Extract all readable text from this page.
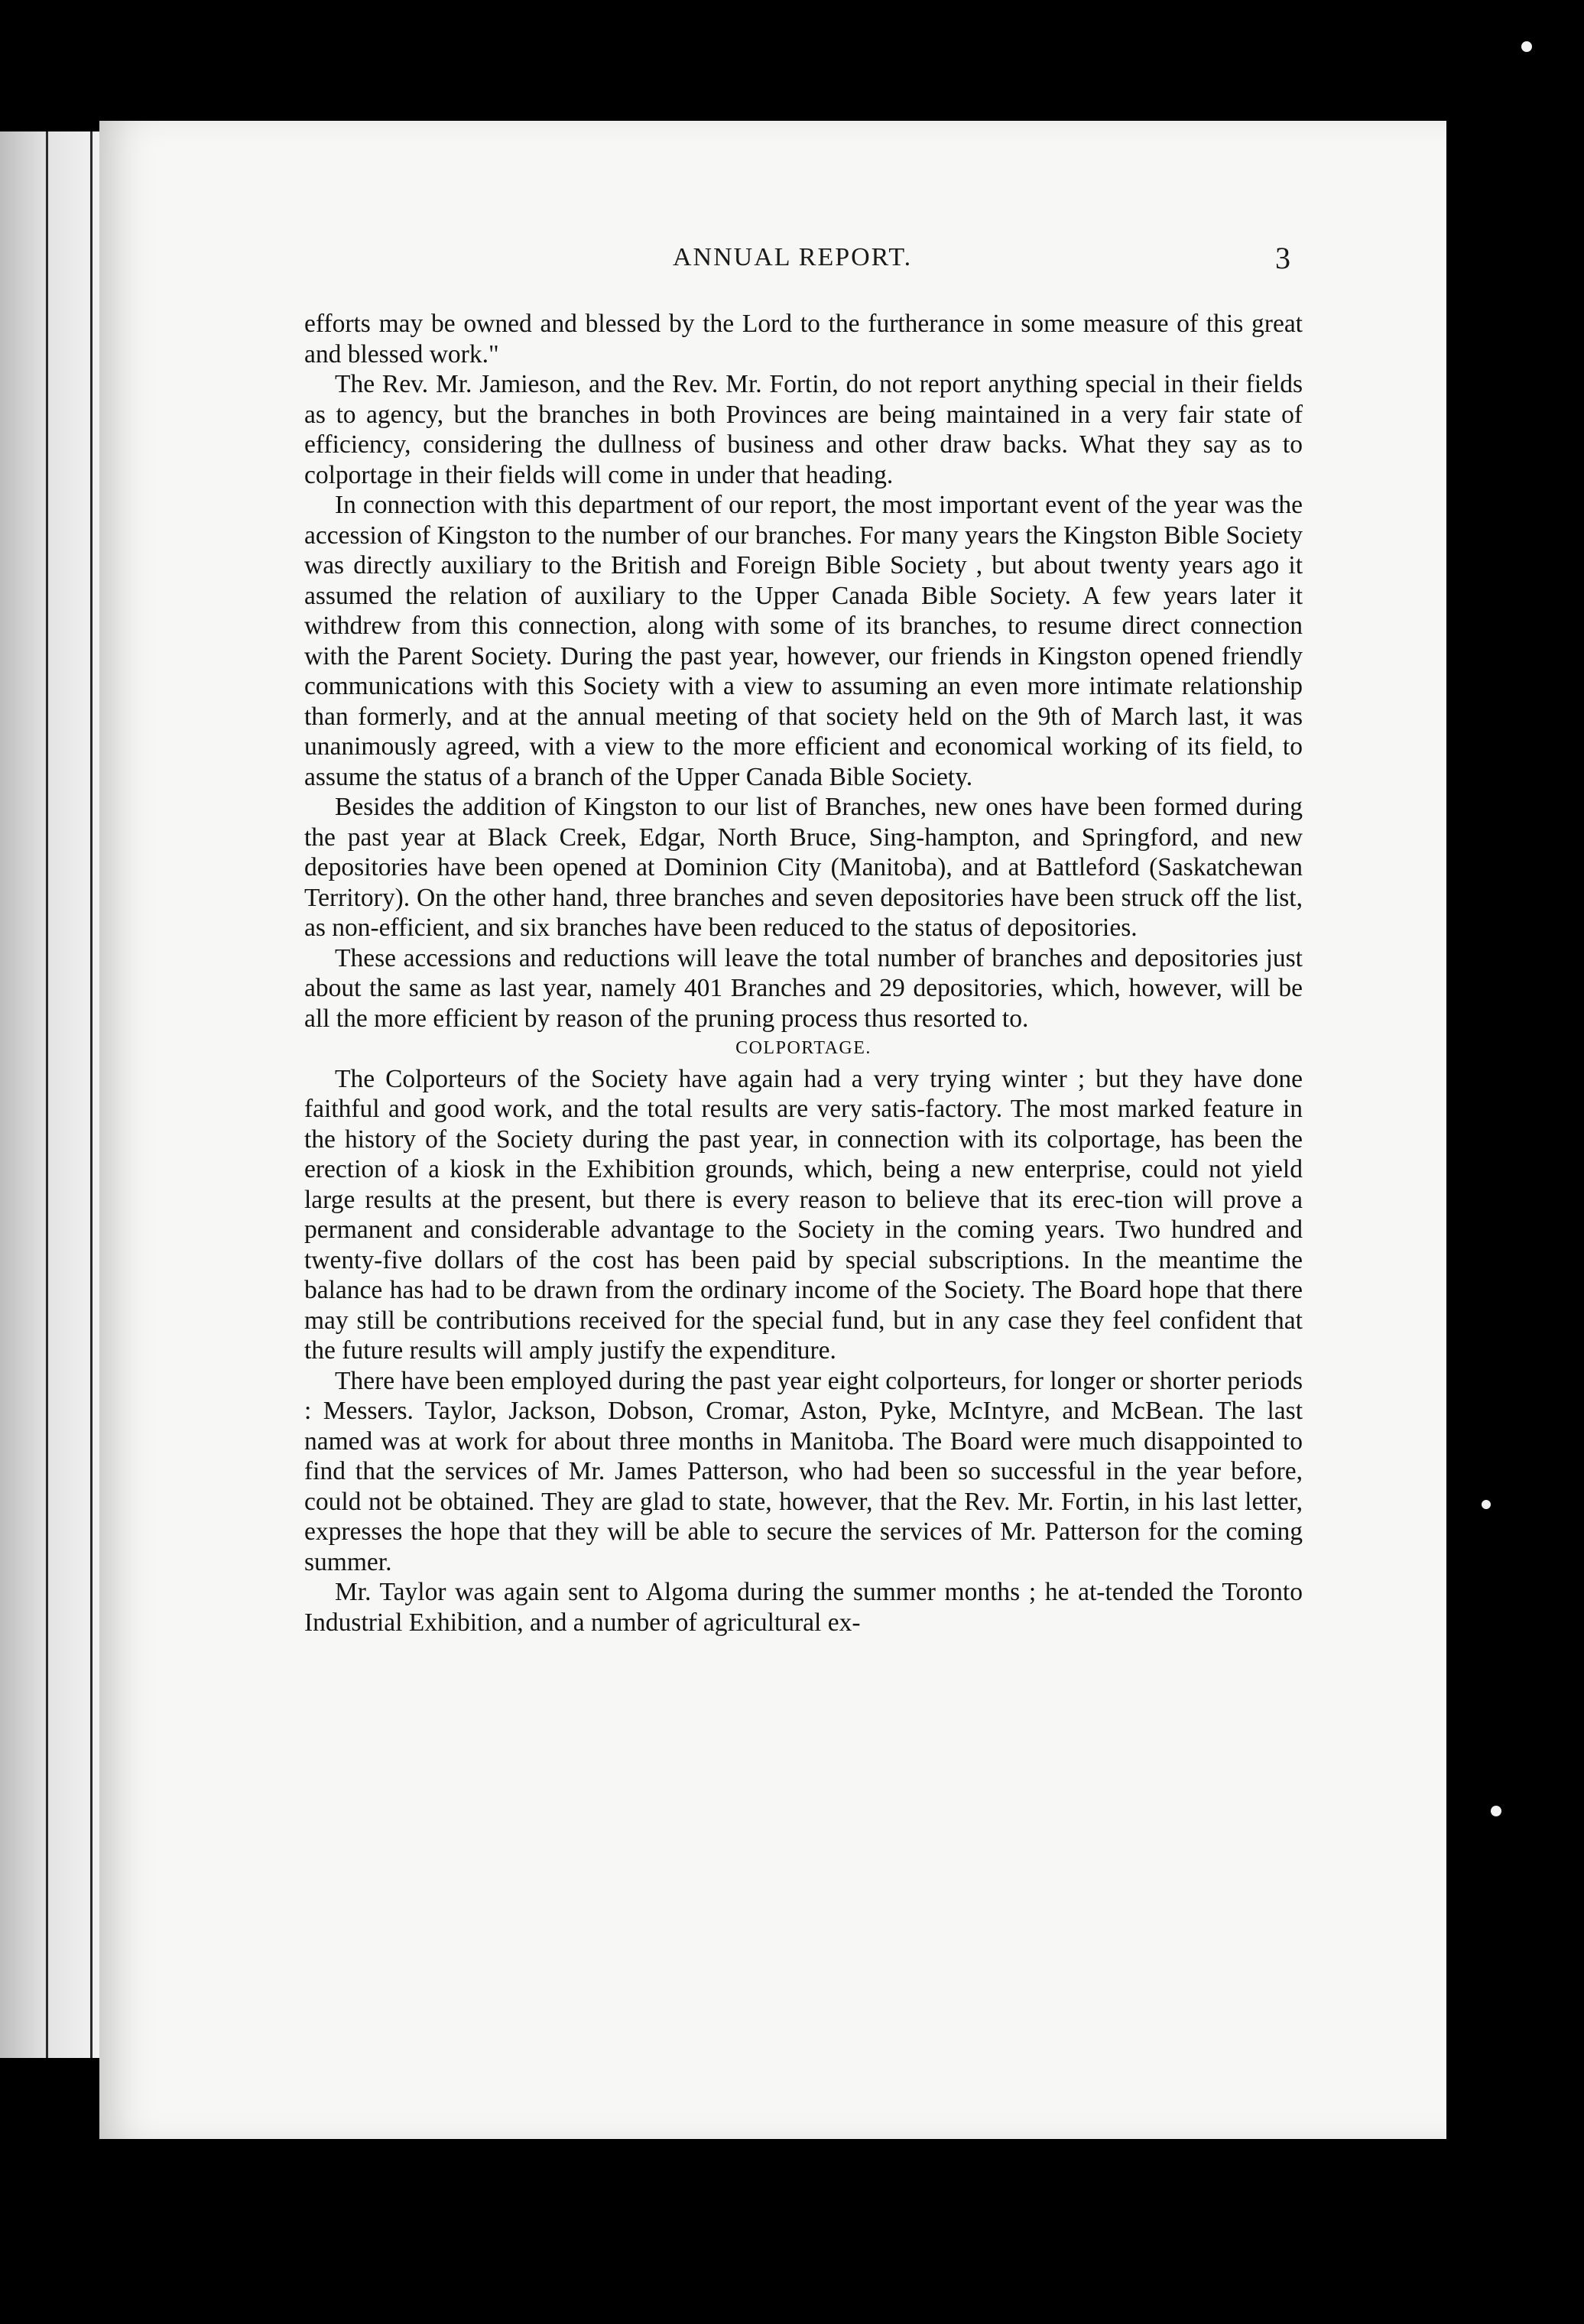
ANNUAL REPORT.	3

efforts may be owned and blessed by the Lord to the furtherance in some measure of this great and blessed work."

The Rev. Mr. Jamieson, and the Rev. Mr. Fortin, do not report anything special in their fields as to agency, but the branches in both Provinces are being maintained in a very fair state of efficiency, considering the dullness of business and other draw backs. What they say as to colportage in their fields will come in under that heading.

In connection with this department of our report, the most important event of the year was the accession of Kingston to the number of our branches. For many years the Kingston Bible Society was directly auxiliary to the British and Foreign Bible Society , but about twenty years ago it assumed the relation of auxiliary to the Upper Canada Bible Society. A few years later it withdrew from this connection, along with some of its branches, to resume direct connection with the Parent Society. During the past year, however, our friends in Kingston opened friendly communications with this Society with a view to assuming an even more intimate relationship than formerly, and at the annual meeting of that society held on the 9th of March last, it was unanimously agreed, with a view to the more efficient and economical working of its field, to assume the status of a branch of the Upper Canada Bible Society.

Besides the addition of Kingston to our list of Branches, new ones have been formed during the past year at Black Creek, Edgar, North Bruce, Sing-hampton, and Springford, and new depositories have been opened at Dominion City (Manitoba), and at Battleford (Saskatchewan Territory). On the other hand, three branches and seven depositories have been struck off the list, as non-efficient, and six branches have been reduced to the status of depositories.

These accessions and reductions will leave the total number of branches and depositories just about the same as last year, namely 401 Branches and 29 depositories, which, however, will be all the more efficient by reason of the pruning process thus resorted to.

COLPORTAGE.

The Colporteurs of the Society have again had a very trying winter ; but they have done faithful and good work, and the total results are very satis-factory. The most marked feature in the history of the Society during the past year, in connection with its colportage, has been the erection of a kiosk in the Exhibition grounds, which, being a new enterprise, could not yield large results at the present, but there is every reason to believe that its erec-tion will prove a permanent and considerable advantage to the Society in the coming years. Two hundred and twenty-five dollars of the cost has been paid by special subscriptions. In the meantime the balance has had to be drawn from the ordinary income of the Society. The Board hope that there may still be contributions received for the special fund, but in any case they feel confident that the future results will amply justify the expenditure.

There have been employed during the past year eight colporteurs, for longer or shorter periods : Messers. Taylor, Jackson, Dobson, Cromar, Aston, Pyke, McIntyre, and McBean. The last named was at work for about three months in Manitoba. The Board were much disappointed to find that the services of Mr. James Patterson, who had been so successful in the year before, could not be obtained. They are glad to state, however, that the Rev. Mr. Fortin, in his last letter, expresses the hope that they will be able to secure the services of Mr. Patterson for the coming summer.

Mr. Taylor was again sent to Algoma during the summer months ; he at-tended the Toronto Industrial Exhibition, and a number of agricultural ex-
